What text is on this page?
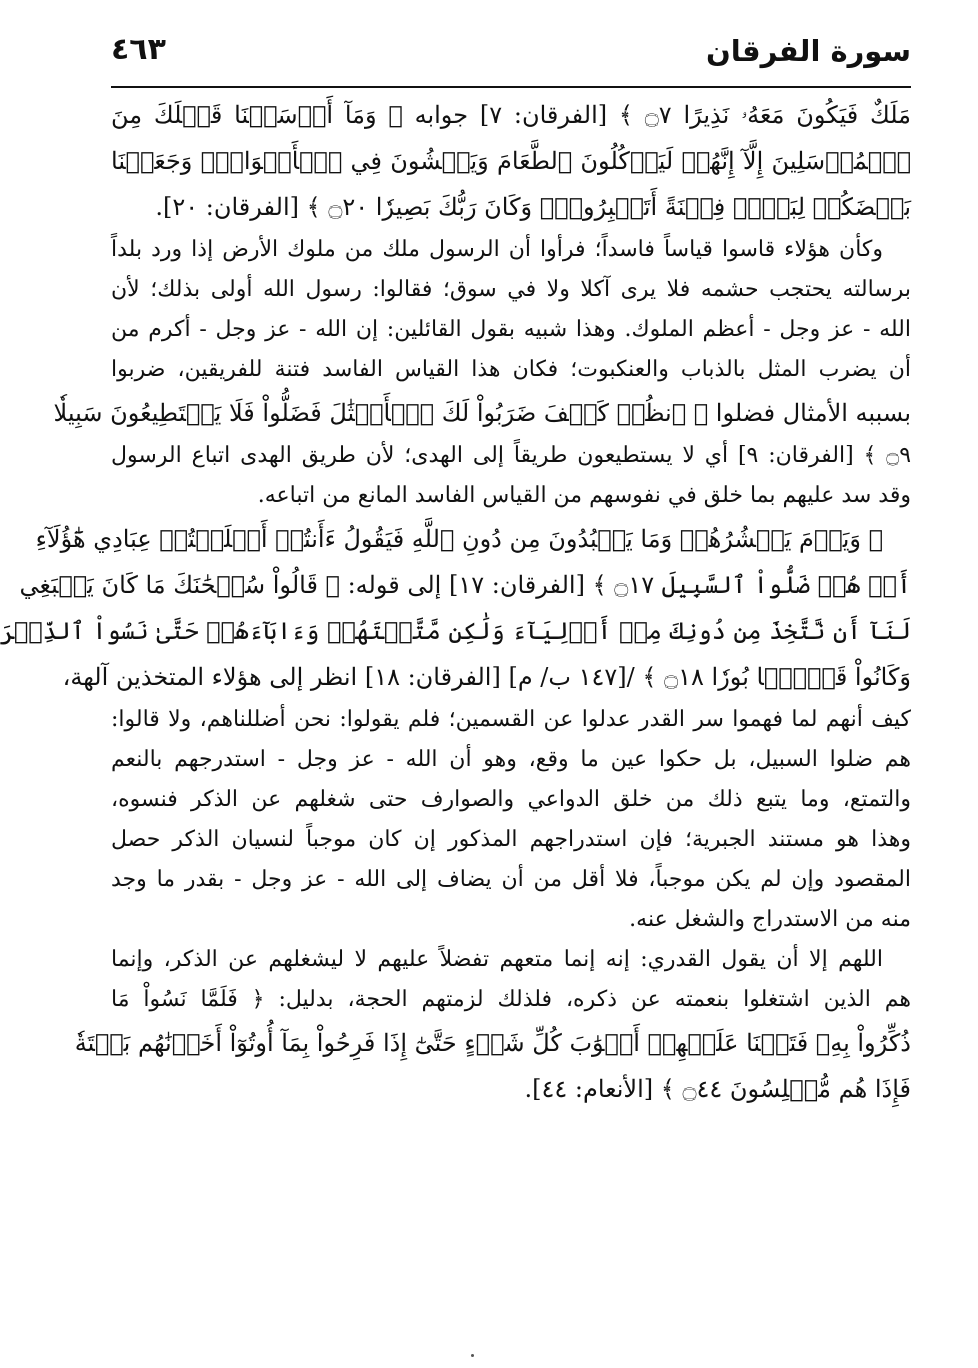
سورة الفرقان
٤٦٣
مَلَكٌ فَيَكُونَ مَعَهُۥ نَذِيرًا ۝٧ ﴾ [الفرقان: ٧] جوابه ﴿ وَمَآ أَرۡسَلۡنَا قَبۡلَكَ مِنَ
ٱلۡمُرۡسَلِينَ إِلَّآ إِنَّهُمۡ لَيَأۡكُلُونَ ٱلطَّعَامَ وَيَمۡشُونَ فِي ٱلۡأَسۡوَاقِۗ وَجَعَلۡنَا
بَعۡضَكُمۡ لِبَعۡضٖ فِتۡنَةً أَتَصۡبِرُونَۗ وَكَانَ رَبُّكَ بَصِيرٗا ۝٢٠ ﴾ [الفرقان: ٢٠].
وكأن هؤلاء قاسوا قياساً فاسداً؛ فرأوا أن الرسول ملك من ملوك الأرض إذا ورد بلداً
برسالته يحتجب حشمه فلا يرى آكلا ولا في سوق؛ فقالوا: رسول الله أولى بذلك؛ لأن
الله - عز وجل - أعظم الملوك. وهذا شبيه بقول القائلين: إن الله - عز وجل - أكرم من
أن يضرب المثل بالذباب والعنكبوت؛ فكان هذا القياس الفاسد فتنة للفريقين، ضربوا
بسببه الأمثال فضلوا ﴿ ٱنظُرۡ كَيۡفَ ضَرَبُواْ لَكَ ٱلۡأَمۡثَٰلَ فَضَلُّواْ فَلَا يَسۡتَطِيعُونَ سَبِيلٗا
۝٩ ﴾ [الفرقان: ٩] أي لا يستطيعون طريقاً إلى الهدى؛ لأن طريق الهدى اتباع الرسول
وقد سد عليهم بما خلق في نفوسهم من القياس الفاسد المانع من اتباعه.
﴿ وَيَوۡمَ يَحۡشُرُهُمۡ وَمَا يَعۡبُدُونَ مِن دُونِ ٱللَّهِ فَيَقُولُ ءَأَنتُمۡ أَضۡلَلۡتُمۡ عِبَادِي هَٰٓؤُلَآءِ
أَمۡ هُمۡ ضَلُّواْ ٱلسَّبِيلَ ۝١٧ ﴾ [الفرقان: ١٧] إلى قوله: ﴿ قَالُواْ سُبۡحَٰنَكَ مَا كَانَ يَنۢبَغِي
لَنَآ أَن نَّتَّخِذَ مِن دُونِكَ مِنۡ أَوۡلِيَآءَ وَلَٰكِن مَّتَّعۡتَهُمۡ وَءَابَآءَهُمۡ حَتَّىٰ نَسُواْ ٱلذِّكۡرَ
وَكَانُواْ قَوۡمَۢا بُورٗا ۝١٨ ﴾ /[١٤٧ ب/ م] [الفرقان: ١٨] انظر إلى هؤلاء المتخذين آلهة،
كيف أنهم لما فهموا سر القدر عدلوا عن القسمين؛ فلم يقولوا: نحن أضللناهم، ولا قالوا:
هم ضلوا السبيل، بل حكوا عين ما وقع، وهو أن الله - عز وجل - استدرجهم بالنعم
والتمتع، وما يتبع ذلك من خلق الدواعي والصوارف حتى شغلهم عن الذكر فنسوه،
وهذا هو مستند الجبرية؛ فإن استدراجهم المذكور إن كان موجباً لنسيان الذكر حصل
المقصود وإن لم يكن موجباً، فلا أقل من أن يضاف إلى الله - عز وجل - بقدر ما وجد
منه من الاستدراج والشغل عنه.
اللهم إلا أن يقول القدري: إنه إنما متعهم تفضلاً عليهم لا ليشغلهم عن الذكر، وإنما
هم الذين اشتغلوا بنعمته عن ذكره، فلذلك لزمتهم الحجة، بدليل: ﴿ فَلَمَّا نَسُواْ مَا
ذُكِّرُواْ بِهِۦ فَتَحۡنَا عَلَيۡهِمۡ أَبۡوَٰبَ كُلِّ شَيۡءٍ حَتَّىٰٓ إِذَا فَرِحُواْ بِمَآ أُوتُوٓاْ أَخَذۡنَٰهُم بَغۡتَةٗ
فَإِذَا هُم مُّبۡلِسُونَ ۝٤٤ ﴾ [الأنعام: ٤٤].
